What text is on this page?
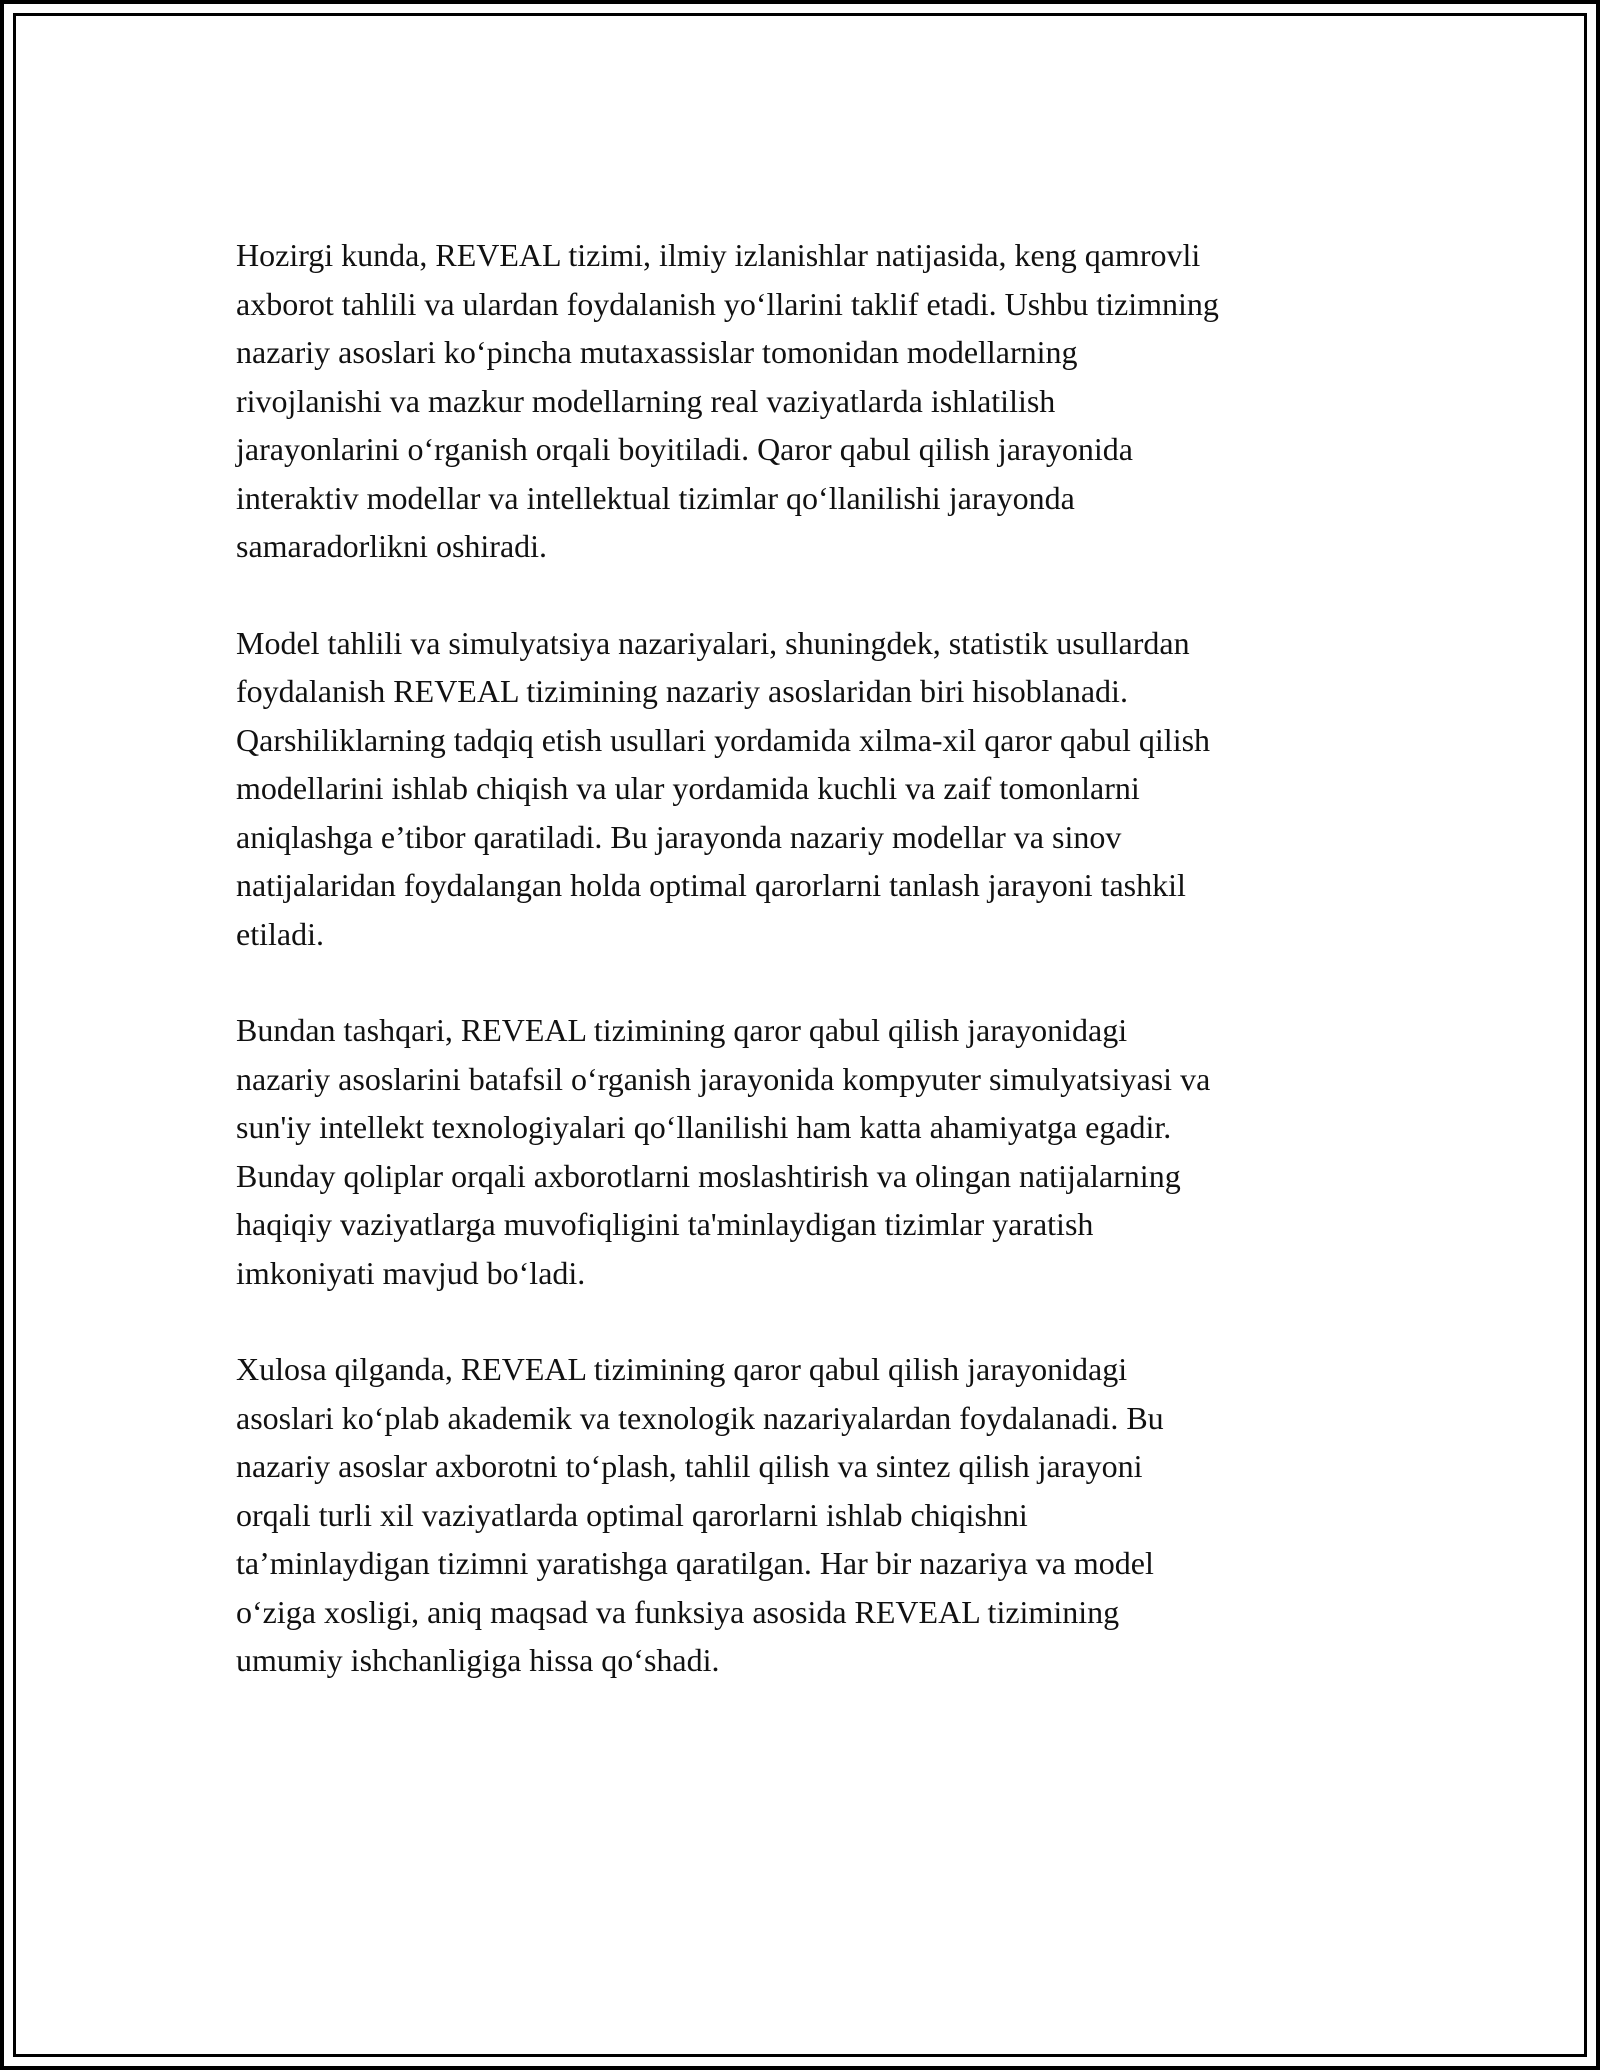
Hozirgi kunda, REVEAL tizimi, ilmiy izlanishlar natijasida, keng qamrovli
axborot tahlili va ulardan foydalanish yo‘llarini taklif etadi. Ushbu tizimning
nazariy asoslari ko‘pincha mutaxassislar tomonidan modellarning
rivojlanishi va mazkur modellarning real vaziyatlarda ishlatilish
jarayonlarini o‘rganish orqali boyitiladi. Qaror qabul qilish jarayonida
interaktiv modellar va intellektual tizimlar qo‘llanilishi jarayonda
samaradorlikni oshiradi.

Model tahlili va simulyatsiya nazariyalari, shuningdek, statistik usullardan
foydalanish REVEAL tizimining nazariy asoslaridan biri hisoblanadi.
Qarshiliklarning tadqiq etish usullari yordamida xilma-xil qaror qabul qilish
modellarini ishlab chiqish va ular yordamida kuchli va zaif tomonlarni
aniqlashga e’tibor qaratiladi. Bu jarayonda nazariy modellar va sinov
natijalaridan foydalangan holda optimal qarorlarni tanlash jarayoni tashkil
etiladi.

Bundan tashqari, REVEAL tizimining qaror qabul qilish jarayonidagi
nazariy asoslarini batafsil o‘rganish jarayonida kompyuter simulyatsiyasi va
sun'iy intellekt texnologiyalari qo‘llanilishi ham katta ahamiyatga egadir.
Bunday qoliplar orqali axborotlarni moslashtirish va olingan natijalarning
haqiqiy vaziyatlarga muvofiqligini ta'minlaydigan tizimlar yaratish
imkoniyati mavjud bo‘ladi.

Xulosa qilganda, REVEAL tizimining qaror qabul qilish jarayonidagi
asoslari ko‘plab akademik va texnologik nazariyalardan foydalanadi. Bu
nazariy asoslar axborotni to‘plash, tahlil qilish va sintez qilish jarayoni
orqali turli xil vaziyatlarda optimal qarorlarni ishlab chiqishni
ta’minlaydigan tizimni yaratishga qaratilgan. Har bir nazariya va model
o‘ziga xosligi, aniq maqsad va funksiya asosida REVEAL tizimining
umumiy ishchanligiga hissa qo‘shadi.
